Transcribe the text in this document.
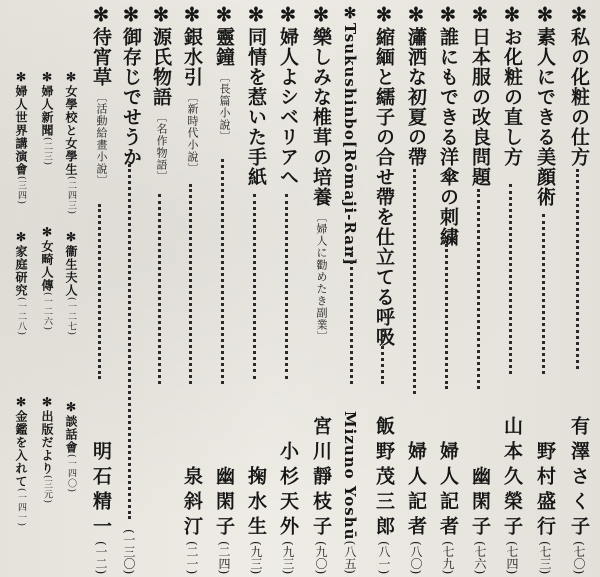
✻私の化粧の仕方
有澤さく子(七〇)
✻素人にできる美顔術
野村盛行(七三)
✻お化粧の直し方
山本久榮子(七四)
✻日本服の改良問題
幽閑子(七六)
✻誰にもできる洋傘の刺繍
婦人記者(七九)
✻瀟洒な初夏の帶
婦人記者(八〇)
✻縮緬と繻子の合せ帶を仕立てる呼吸
飯野茂三郎(八一)
✻Tsukushinbo[Rōmaji-Ran]
Mizuno Yoshū(八五)
✻樂しみな椎茸の培養〔婦人に勸めたき副業〕
宮川靜枝子(九〇)
✻婦人よシベリアへ
小杉天外(九三)
✻同情を惹いた手紙
掬水生(九三)
✻靈鐘〔長篇小說〕
幽閑子(二四)
✻銀水引〔新時代小說〕
泉斜汀(二一)
✻源氏物語〔名作物語〕
✻御存じでせうか
(一三〇)
✻待宵草〔活動給畫小說〕
明石精一(一二)
✻女學校と女學生(二四三)
✻衞生夫人(一二七)
✻談話會(一四〇)
✻婦人新聞(二三)
✻女畸人傳(一二六)
✻出版だより(三元)
✻婦人世界講演會(三四)
✻家庭研究(一二八)
✻金鑑を入れて(一四一)
